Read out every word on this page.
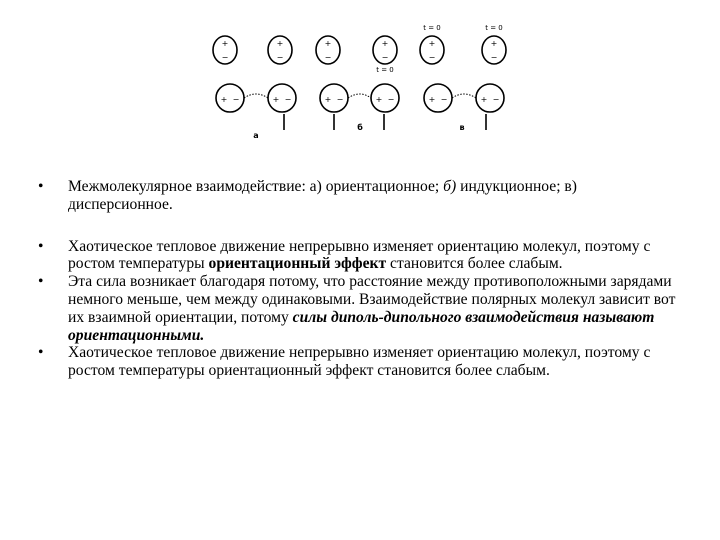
+
−
+
−
+
−
+
−
+
−
+
−
+ −	+ −	+ −	+ −	+ −	+ −
t = 0
t = 0
t = 0
а
б	в
•	Межмолекулярное взаимодействие: а) ориентационное; б) индукционное; в) дисперсионное.
•	Хаотическое тепловое движение непрерывно изменяет ориентацию молекул, поэтому с ростом температуры ориентационный эффект становится более слабым.
•	Эта сила возникает благодаря потому, что расстояние между противоположными зарядами немного меньше, чем между одинаковыми. Взаимодействие полярных молекул зависит вот их взаимной ориентации, потому силы диполь-дипольного взаимодействия называют ориентационными.
•	Хаотическое тепловое движение непрерывно изменяет ориентацию молекул, поэтому с ростом температуры ориентационный эффект становится более слабым.
